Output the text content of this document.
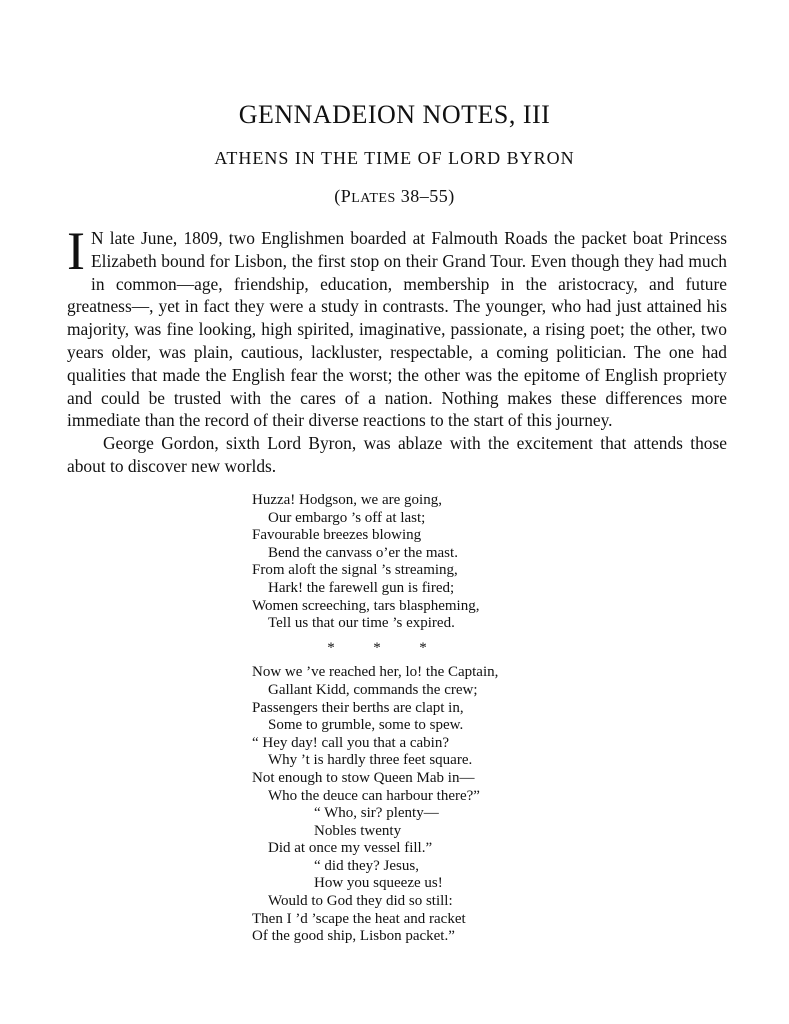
GENNADEION NOTES, III
ATHENS IN THE TIME OF LORD BYRON
(PLATES 38–55)

I N late June, 1809, two Englishmen boarded at Falmouth Roads the packet boat Princess Elizabeth bound for Lisbon, the first stop on their Grand Tour. Even though they had much in common—age, friendship, education, membership in the aristocracy, and future greatness—, yet in fact they were a study in contrasts. The younger, who had just attained his majority, was fine looking, high spirited, imaginative, passionate, a rising poet; the other, two years older, was plain, cautious, lackluster, respectable, a coming politician. The one had qualities that made the English fear the worst; the other was the epitome of English propriety and could be trusted with the cares of a nation. Nothing makes these differences more immediate than the record of their diverse reactions to the start of this journey.

George Gordon, sixth Lord Byron, was ablaze with the excitement that attends those about to discover new worlds.

Huzza! Hodgson, we are going,
Our embargo ’s off at last;
Favourable breezes blowing
Bend the canvass o’er the mast.
From aloft the signal ’s streaming,
Hark! the farewell gun is fired;
Women screeching, tars blaspheming,
Tell us that our time ’s expired.
*	*	*
Now we ’ve reached her, lo! the Captain,
Gallant Kidd, commands the crew;
Passengers their berths are clapt in,
Some to grumble, some to spew.
“ Hey day! call you that a cabin?
Why ’t is hardly three feet square.
Not enough to stow Queen Mab in—
Who the deuce can harbour there?”
“ Who, sir? plenty—
Nobles twenty
Did at once my vessel fill.”
“ did they? Jesus,
How you squeeze us!
Would to God they did so still:
Then I ’d ’scape the heat and racket
Of the good ship, Lisbon packet.”
